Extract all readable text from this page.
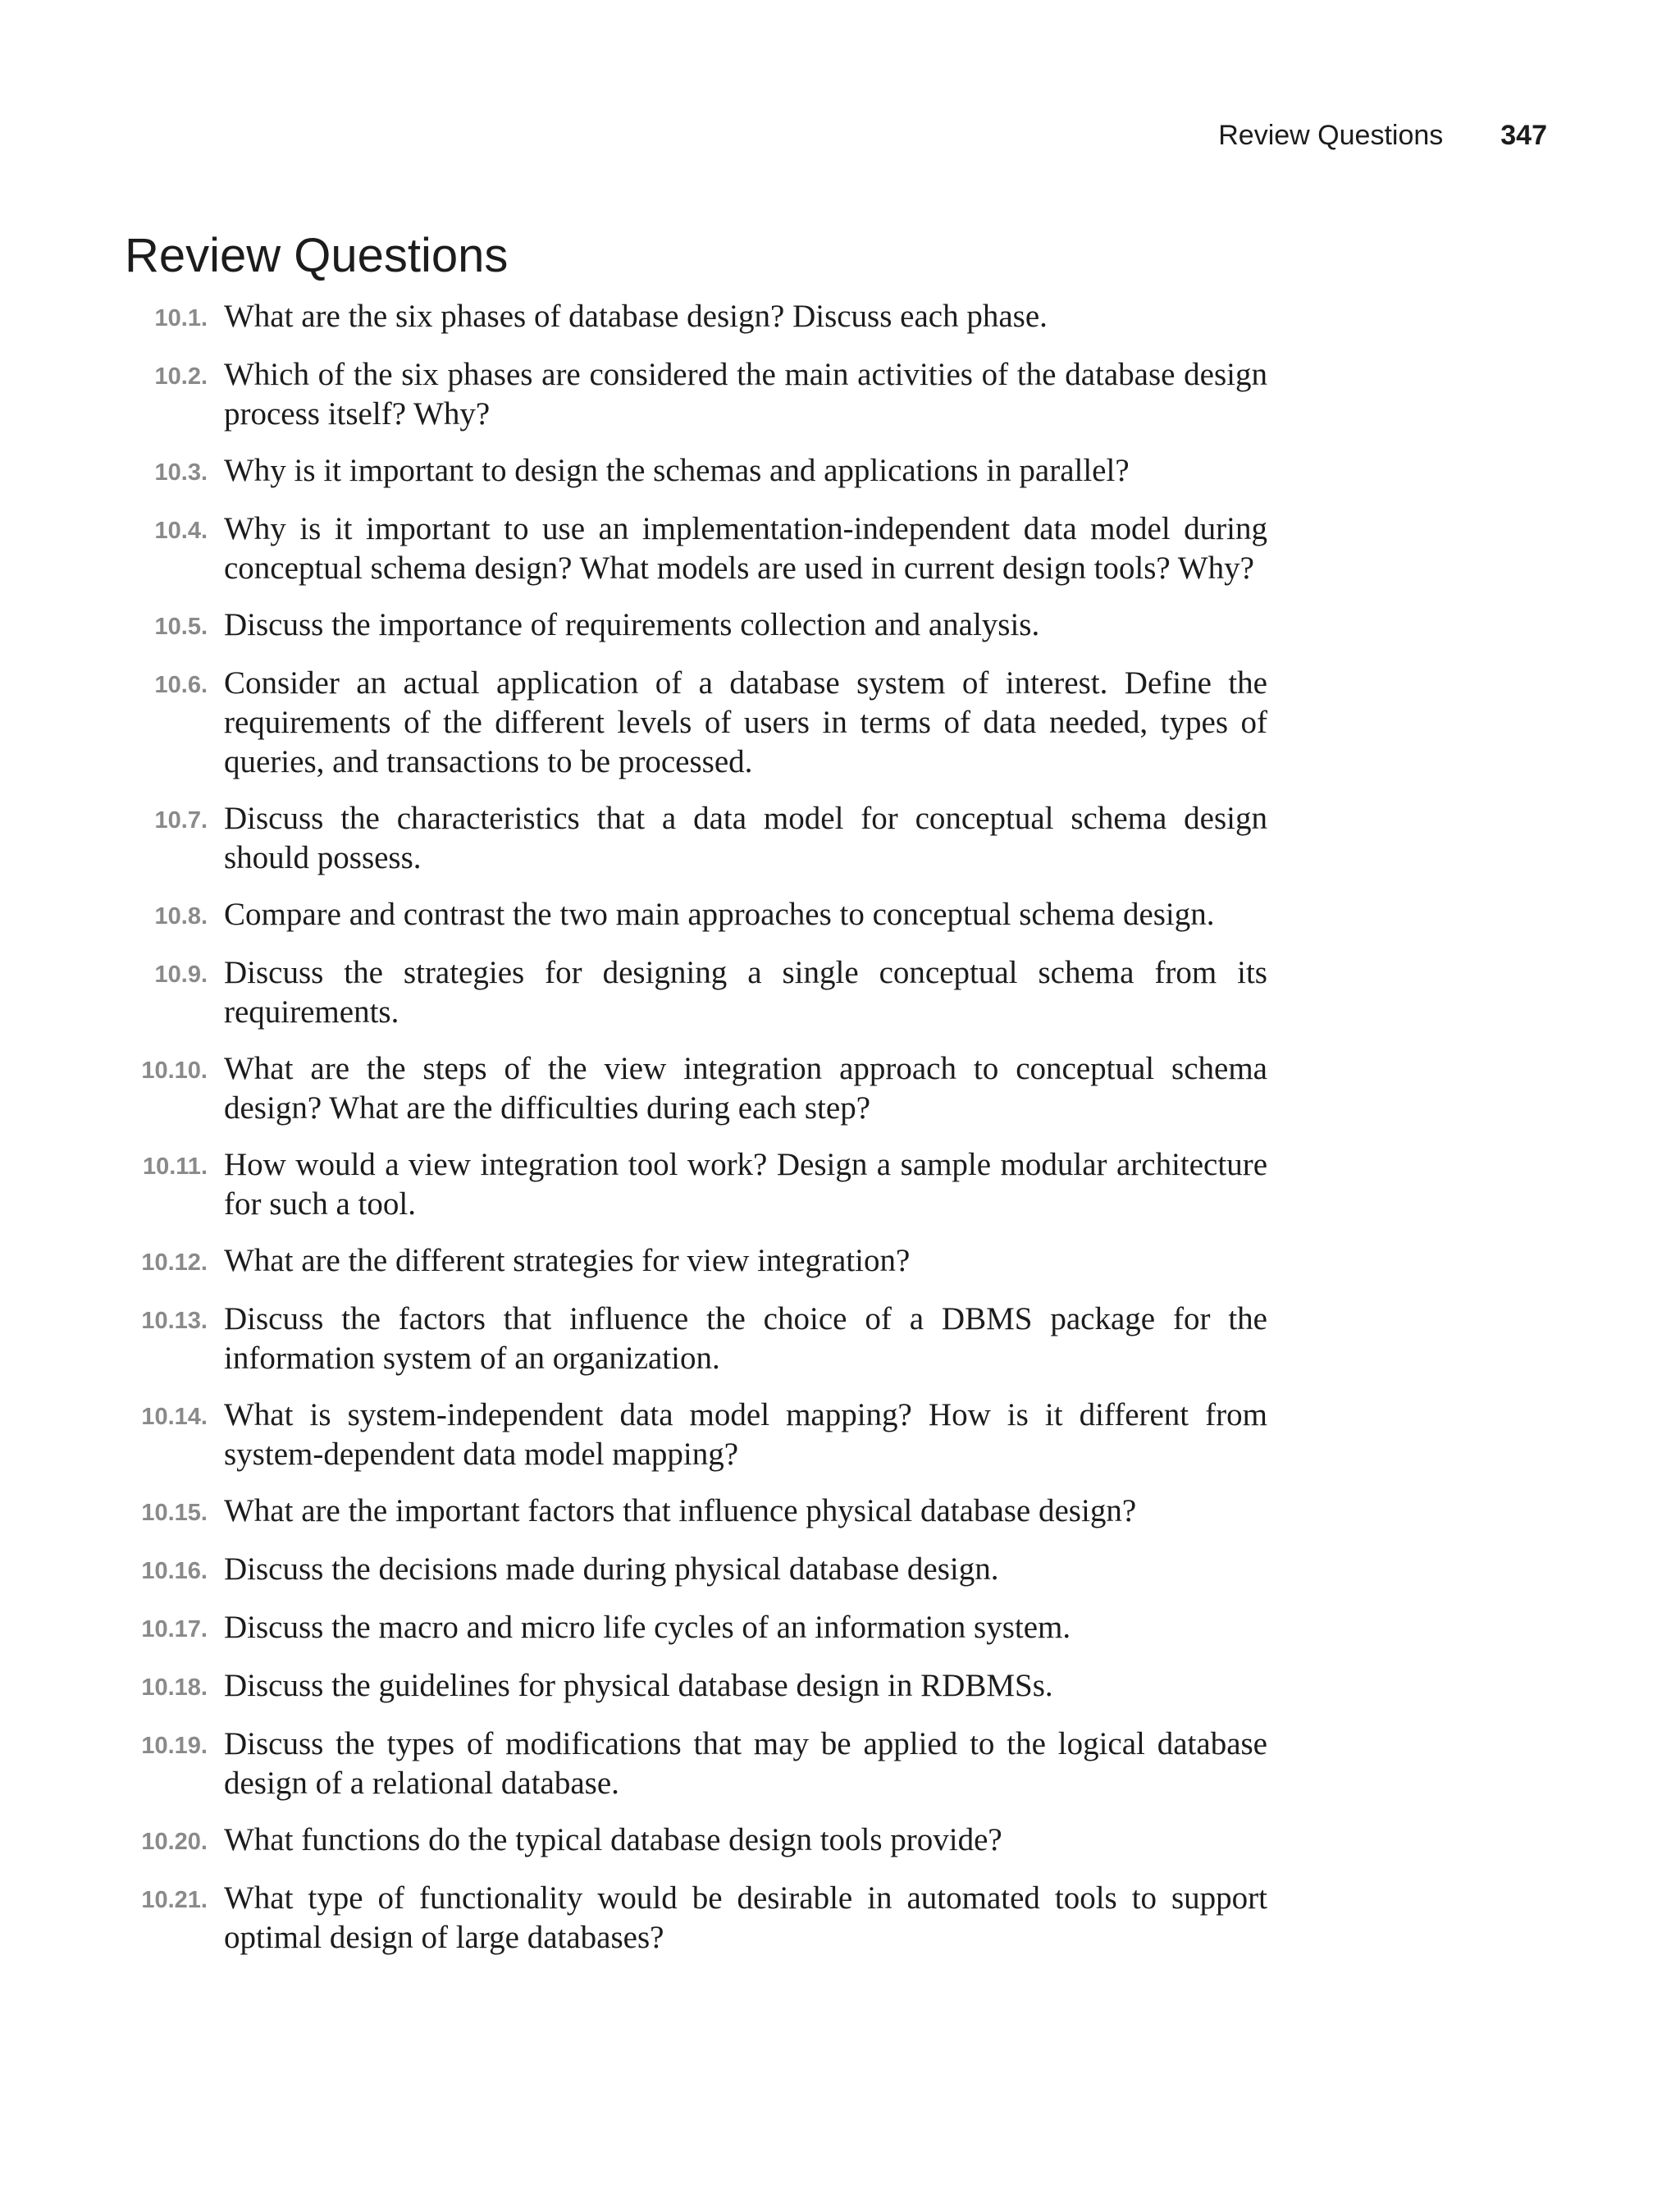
Review Questions 347
Review Questions
10.1. What are the six phases of database design? Discuss each phase.
10.2. Which of the six phases are considered the main activities of the database design process itself? Why?
10.3. Why is it important to design the schemas and applications in parallel?
10.4. Why is it important to use an implementation-independent data model during conceptual schema design? What models are used in current design tools? Why?
10.5. Discuss the importance of requirements collection and analysis.
10.6. Consider an actual application of a database system of interest. Define the requirements of the different levels of users in terms of data needed, types of queries, and transactions to be processed.
10.7. Discuss the characteristics that a data model for conceptual schema design should possess.
10.8. Compare and contrast the two main approaches to conceptual schema design.
10.9. Discuss the strategies for designing a single conceptual schema from its requirements.
10.10. What are the steps of the view integration approach to conceptual schema design? What are the difficulties during each step?
10.11. How would a view integration tool work? Design a sample modular architecture for such a tool.
10.12. What are the different strategies for view integration?
10.13. Discuss the factors that influence the choice of a DBMS package for the information system of an organization.
10.14. What is system-independent data model mapping? How is it different from system-dependent data model mapping?
10.15. What are the important factors that influence physical database design?
10.16. Discuss the decisions made during physical database design.
10.17. Discuss the macro and micro life cycles of an information system.
10.18. Discuss the guidelines for physical database design in RDBMSs.
10.19. Discuss the types of modifications that may be applied to the logical database design of a relational database.
10.20. What functions do the typical database design tools provide?
10.21. What type of functionality would be desirable in automated tools to support optimal design of large databases?
